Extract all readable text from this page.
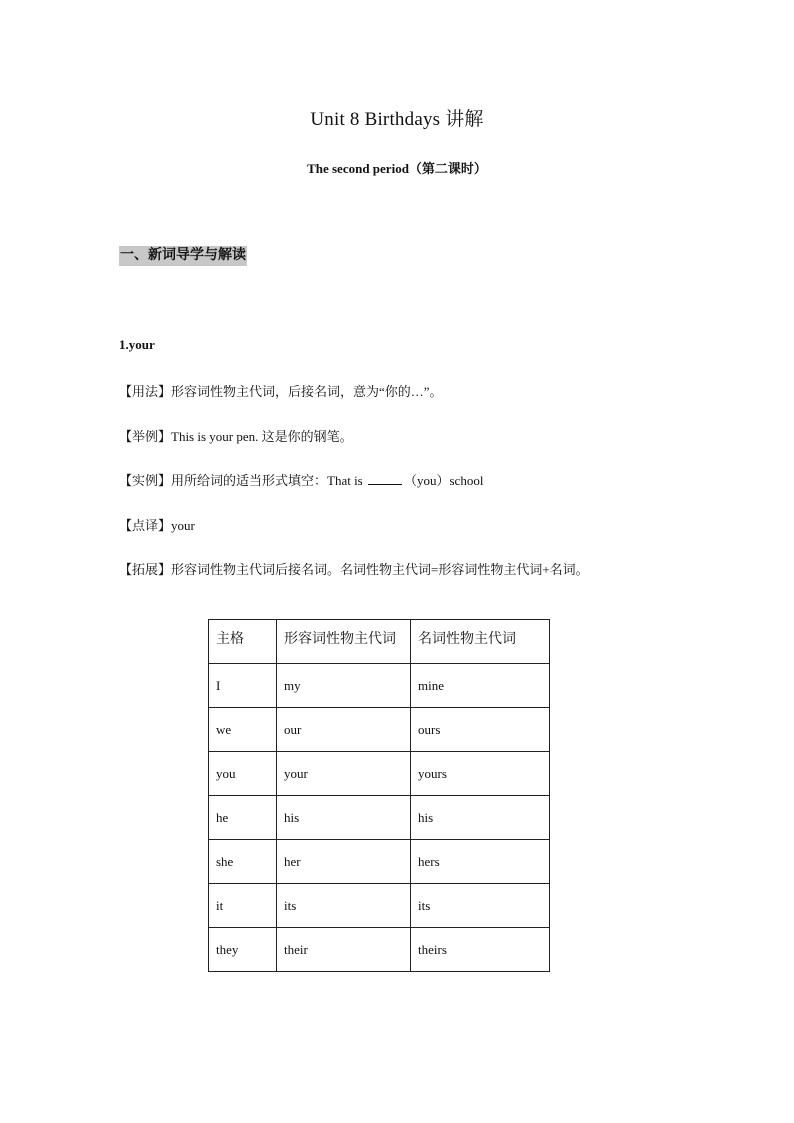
Unit 8 Birthdays 讲解
The second period（第二课时）
一、新词导学与解读
1.your
【用法】形容词性物主代词，后接名词，意为“你的…”。
【举例】This is your pen. 这是你的钢笔。
【实例】用所给词的适当形式填空：That is	（you）school
【点译】your
【拓展】形容词性物主代词后接名词。名词性物主代词=形容词性物主代词+名词。
主格	形容词性物主代词	名词性物主代词
I	my	mine
we	our	ours
you	your	yours
he	his	his
she	her	hers
it	its	its
they	their	theirs
